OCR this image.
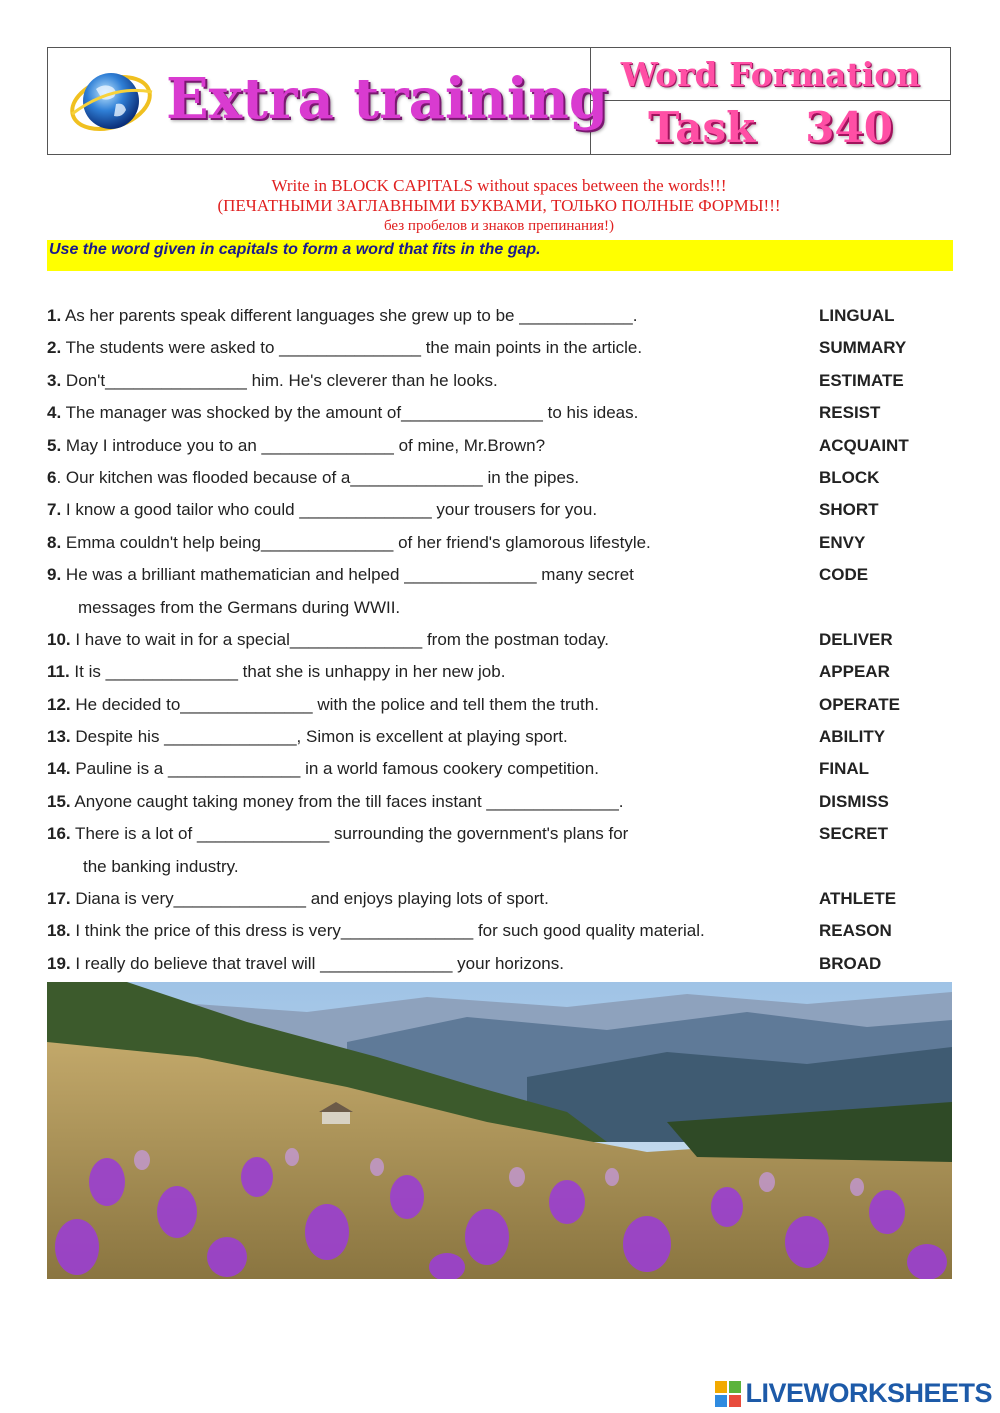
Extra training Word Formation
Task 340
Write in BLOCK CAPITALS without spaces between the words!!!
(ПЕЧАТНЫМИ ЗАГЛАВНЫМИ БУКВАМИ, ТОЛЬКО ПОЛНЫЕ ФОРМЫ!!!
без пробелов и знаков препинания!)
Use the word given in capitals to form a word that fits in the gap.
1. As her parents speak different languages she grew up to be ____________.	LINGUAL
2. The students were asked to _______________ the main points in the article.	SUMMARY
3. Don't_______________ him. He's cleverer than he looks.	ESTIMATE
4. The manager was shocked by the amount of_______________ to his ideas.	RESIST
5. May I introduce you to an ______________ of mine, Mr.Brown?	ACQUAINT
6. Our kitchen was flooded because of a______________ in the pipes.	BLOCK
7. I know a good tailor who could ______________ your trousers for you.	SHORT
8. Emma couldn't help being______________ of her friend's glamorous lifestyle.	ENVY
9. He was a brilliant mathematician and helped ______________ many secret	CODE
messages from the Germans during WWII.
10. I have to wait in for a special______________ from the postman today.	DELIVER
11. It is ______________ that she is unhappy in her new job.	APPEAR
12. He decided to______________ with the police and tell them the truth.	OPERATE
13. Despite his ______________, Simon is excellent at playing sport.	ABILITY
14. Pauline is a ______________ in a world famous cookery competition.	FINAL
15. Anyone caught taking money from the till faces instant ______________.	DISMISS
16. There is a lot of ______________ surrounding the government's plans for	SECRET
the banking industry.
17. Diana is very______________ and enjoys playing lots of sport.	ATHLETE
18. I think the price of this dress is very______________ for such good quality material.	REASON
19. I really do believe that travel will ______________ your horizons.	BROAD
LIVEWORKSHEETS
